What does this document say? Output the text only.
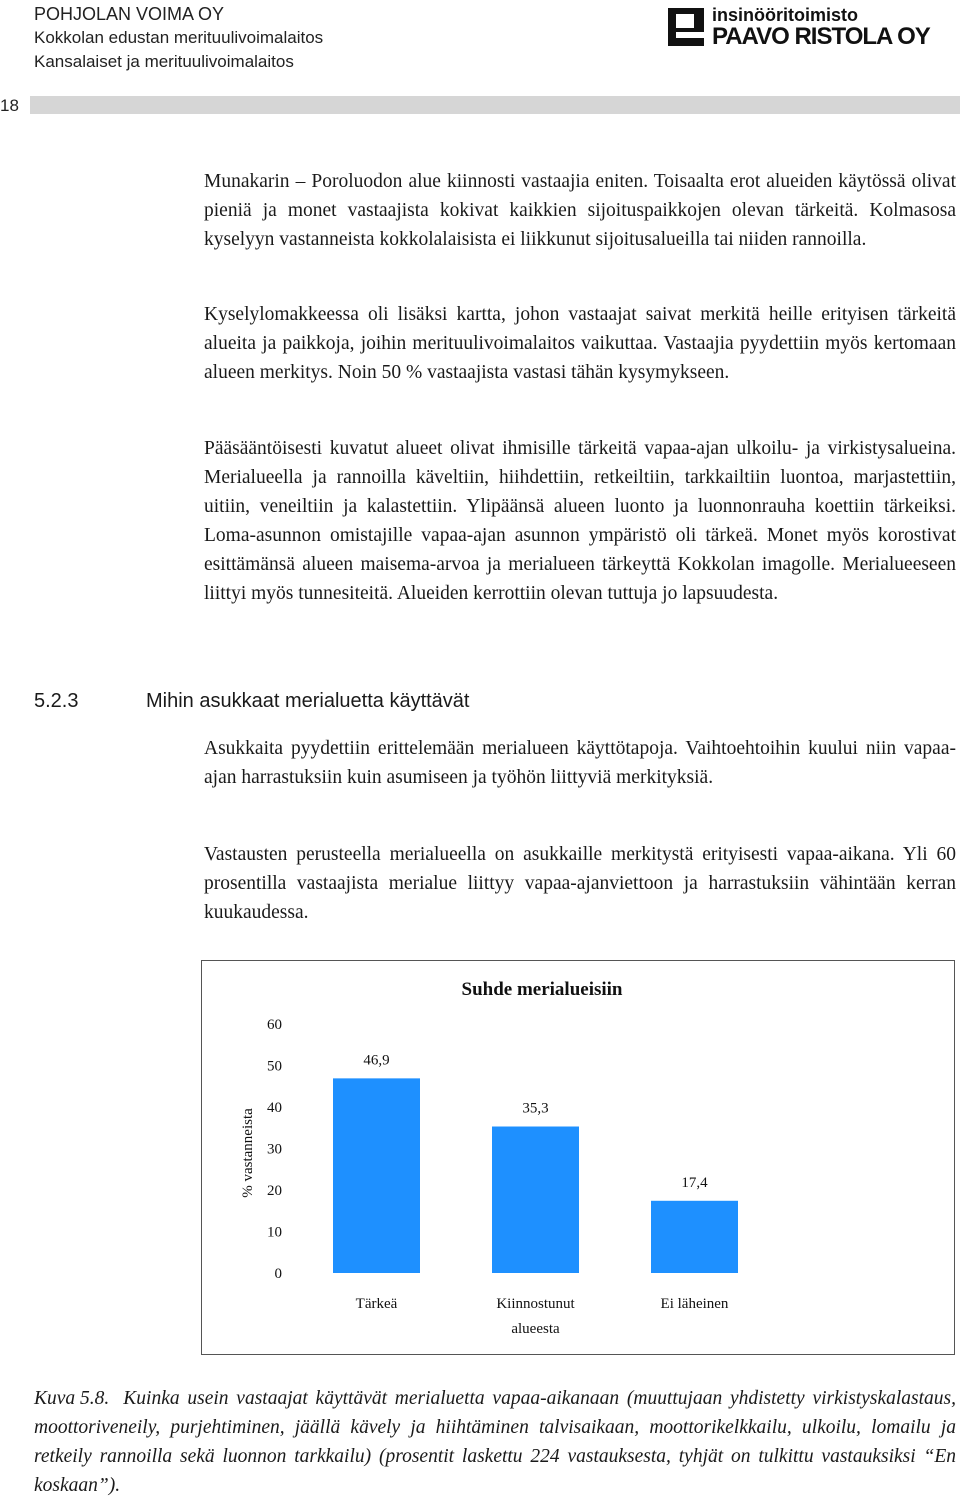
POHJOLAN VOIMA OY
Kokkolan edustan merituulivoimalaitos
Kansalaiset ja merituulivoimalaitos
insinööritoimisto
PAAVO RISTOLA OY
18

Munakarin – Poroluodon alue kiinnosti vastaajia eniten. Toisaalta erot alueiden käytössä olivat pieniä ja monet vastaajista kokivat kaikkien sijoituspaikkojen olevan tärkeitä. Kolmasosa kyselyyn vastanneista kokkolalaisista ei liikkunut sijoitusalueilla tai niiden rannoilla.

Kyselylomakkeessa oli lisäksi kartta, johon vastaajat saivat merkitä heille erityisen tärkeitä alueita ja paikkoja, joihin merituulivoimalaitos vaikuttaa. Vastaajia pyydettiin myös kertomaan alueen merkitys. Noin 50 % vastaajista vastasi tähän kysymykseen.

Pääsääntöisesti kuvatut alueet olivat ihmisille tärkeitä vapaa-ajan ulkoilu- ja virkistysalueina. Merialueella ja rannoilla käveltiin, hiihdettiin, retkeiltiin, tarkkailtiin luontoa, marjastettiin, uitiin, veneiltiin ja kalastettiin. Ylipäänsä alueen luonto ja luonnonrauha koettiin tärkeiksi. Loma-asunnon omistajille vapaa-ajan asunnon ympäristö oli tärkeä. Monet myös korostivat esittämänsä alueen maisema-arvoa ja merialueen tärkeyttä Kokkolan imagolle. Merialueeseen liittyi myös tunnesiteitä. Alueiden kerrottiin olevan tuttuja jo lapsuudesta.

5.2.3	Mihin asukkaat merialuetta käyttävät

Asukkaita pyydettiin erittelemään merialueen käyttötapoja. Vaihtoehtoihin kuului niin vapaa-ajan harrastuksiin kuin asumiseen ja työhön liittyviä merkityksiä.

Vastausten perusteella merialueella on asukkaille merkitystä erityisesti vapaa-aikana. Yli 60 prosentilla vastaajista merialue liittyy vapaa-ajanviettoon ja harrastuksiin vähintään kerran kuukaudessa.

Suhde merialueisiin
% vastanneista
0
10
20
30
40
50
60
46,9
35,3
17,4
Tärkeä	Kiinnostunut
alueesta
Ei läheinen

Kuva 5.8. Kuinka usein vastaajat käyttävät merialuetta vapaa-aikanaan (muuttujaan yhdistetty virkistyskalastaus, moottoriveneily, purjehtiminen, jäällä kävely ja hiihtäminen talvisaikaan, moottorikelkkailu, ulkoilu, lomailu ja retkeily rannoilla sekä luonnon tarkkailu) (prosentit laskettu 224 vastauksesta, tyhjät on tulkittu vastauksiksi “En koskaan”).
